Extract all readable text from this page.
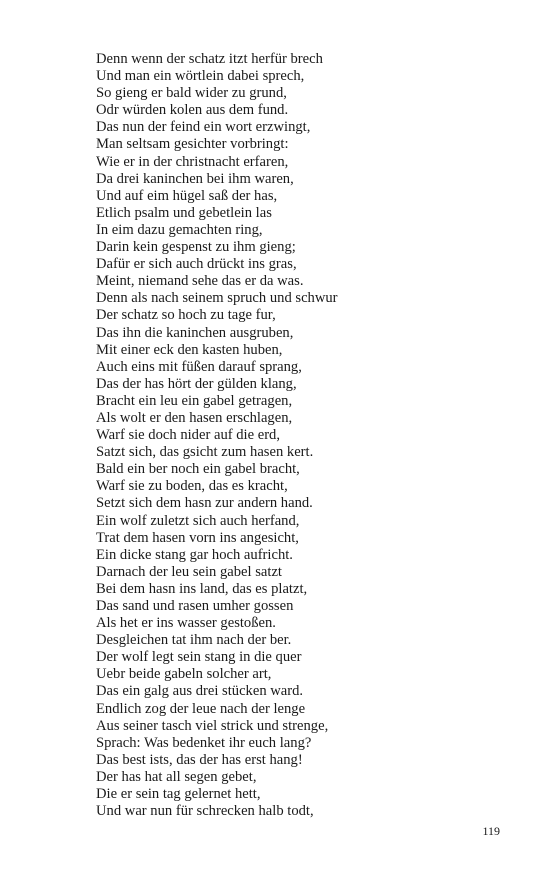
Denn wenn der schatz itzt herfür brech
Und man ein wörtlein dabei sprech,
So gieng er bald wider zu grund,
Odr würden kolen aus dem fund.
Das nun der feind ein wort erzwingt,
Man seltsam gesichter vorbringt:
Wie er in der christnacht erfaren,
Da drei kaninchen bei ihm waren,
Und auf eim hügel saß der has,
Etlich psalm und gebetlein las
In eim dazu gemachten ring,
Darin kein gespenst zu ihm gieng;
Dafür er sich auch drückt ins gras,
Meint, niemand sehe das er da was.
Denn als nach seinem spruch und schwur
Der schatz so hoch zu tage fur,
Das ihn die kaninchen ausgruben,
Mit einer eck den kasten huben,
Auch eins mit füßen darauf sprang,
Das der has hört der gülden klang,
Bracht ein leu ein gabel getragen,
Als wolt er den hasen erschlagen,
Warf sie doch nider auf die erd,
Satzt sich, das gsicht zum hasen kert.
Bald ein ber noch ein gabel bracht,
Warf sie zu boden, das es kracht,
Setzt sich dem hasn zur andern hand.
Ein wolf zuletzt sich auch herfand,
Trat dem hasen vorn ins angesicht,
Ein dicke stang gar hoch aufricht.
Darnach der leu sein gabel satzt
Bei dem hasn ins land, das es platzt,
Das sand und rasen umher gossen
Als het er ins wasser gestoßen.
Desgleichen tat ihm nach der ber.
Der wolf legt sein stang in die quer
Uebr beide gabeln solcher art,
Das ein galg aus drei stücken ward.
Endlich zog der leue nach der lenge
Aus seiner tasch viel strick und strenge,
Sprach: Was bedenket ihr euch lang?
Das best ists, das der has erst hang!
Der has hat all segen gebet,
Die er sein tag gelernet hett,
Und war nun für schrecken halb todt,
119
